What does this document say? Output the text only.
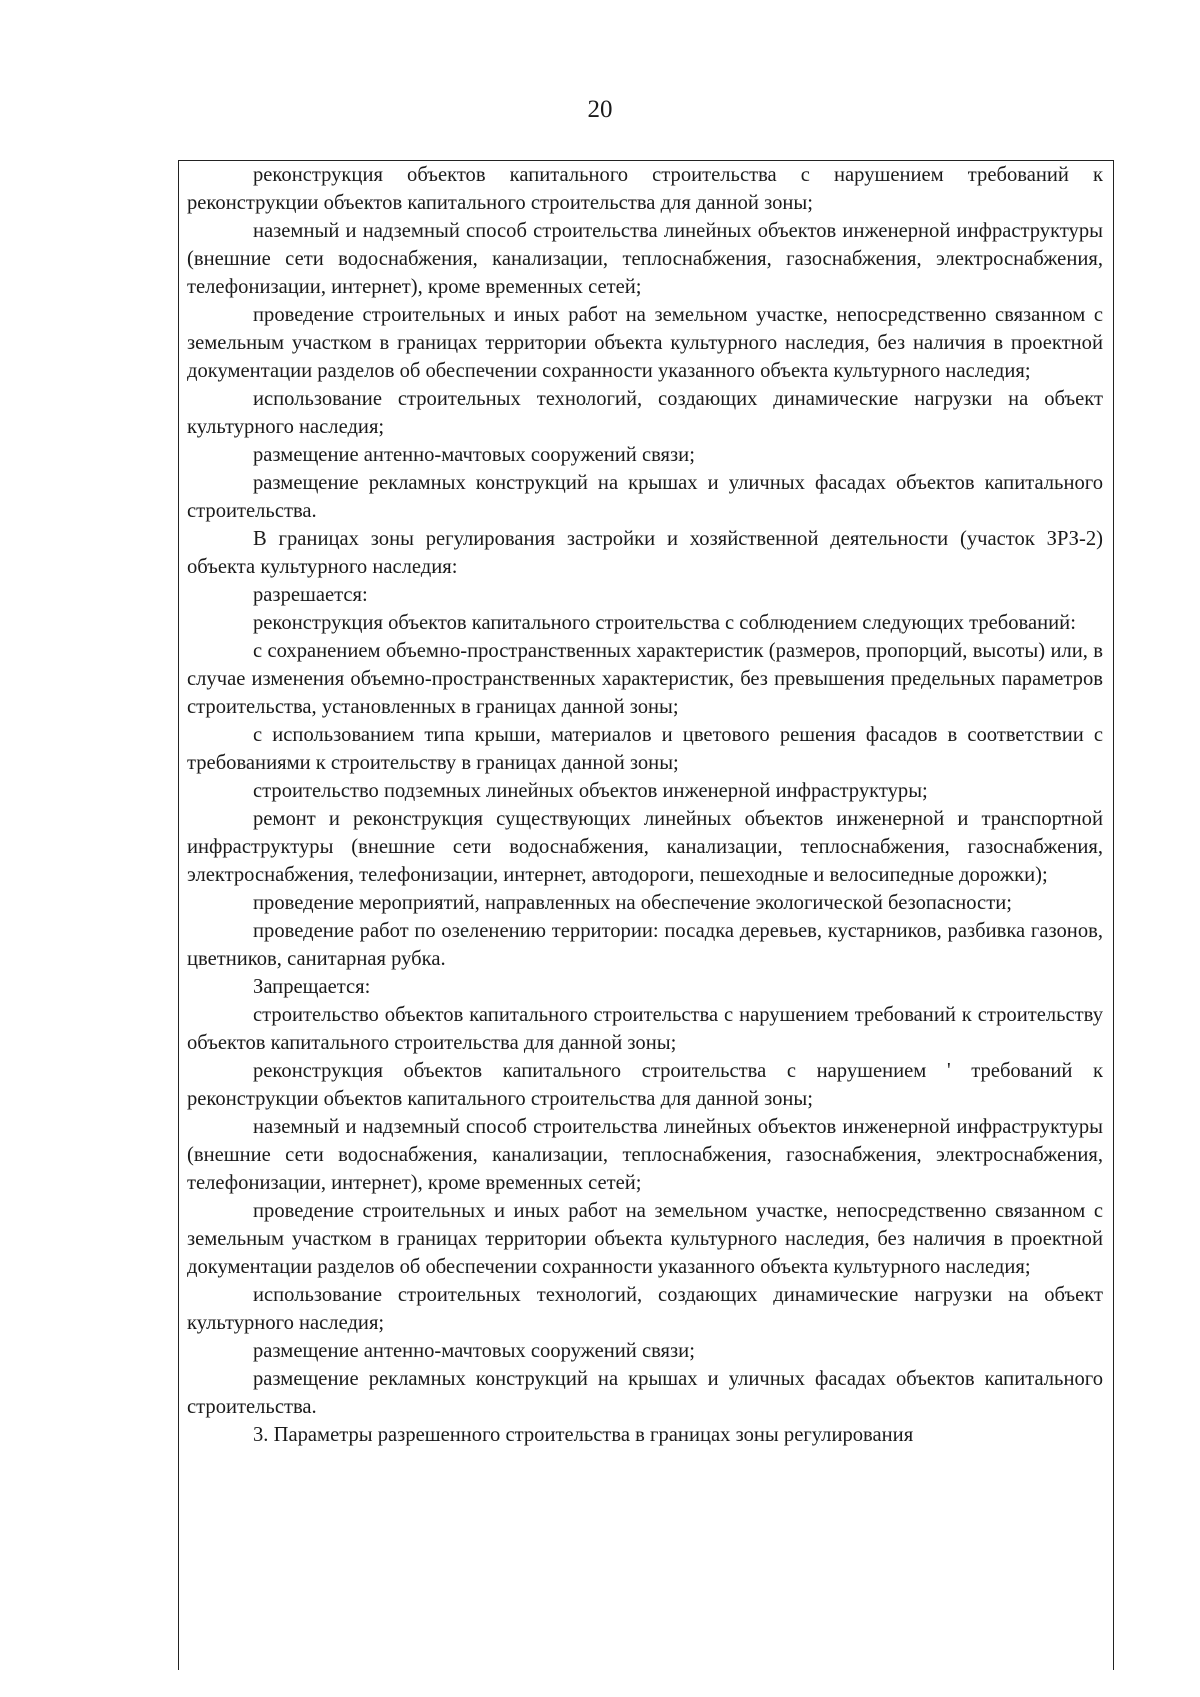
20

реконструкция объектов капитального строительства с нарушением требований к реконструкции объектов капитального строительства для данной зоны;

наземный и надземный способ строительства линейных объектов инженерной инфраструктуры (внешние сети водоснабжения, канализации, теплоснабжения, газоснабжения, электроснабжения, телефонизации, интернет), кроме временных сетей;

проведение строительных и иных работ на земельном участке, непосредственно связанном с земельным участком в границах территории объекта культурного наследия, без наличия в проектной документации разделов об обеспечении сохранности указанного объекта культурного наследия;

использование строительных технологий, создающих динамические нагрузки на объект культурного наследия;

размещение антенно-мачтовых сооружений связи;

размещение рекламных конструкций на крышах и уличных фасадах объектов капитального строительства.

В границах зоны регулирования застройки и хозяйственной деятельности (участок ЗРЗ-2) объекта культурного наследия:

разрешается:

реконструкция объектов капитального строительства с соблюдением следующих требований:

с сохранением объемно-пространственных характеристик (размеров, пропорций, высоты) или, в случае изменения объемно-пространственных характеристик, без превышения предельных параметров строительства, установленных в границах данной зоны;

с использованием типа крыши, материалов и цветового решения фасадов в соответствии с требованиями к строительству в границах данной зоны;

строительство подземных линейных объектов инженерной инфраструктуры;

ремонт и реконструкция существующих линейных объектов инженерной и транспортной инфраструктуры (внешние сети водоснабжения, канализации, теплоснабжения, газоснабжения, электроснабжения, телефонизации, интернет, автодороги, пешеходные и велосипедные дорожки);

проведение мероприятий, направленных на обеспечение экологической безопасности;

проведение работ по озеленению территории: посадка деревьев, кустарников, разбивка газонов, цветников, санитарная рубка.

Запрещается:

строительство объектов капитального строительства с нарушением требований к строительству объектов капитального строительства для данной зоны;

реконструкция объектов капитального строительства с нарушением ' требований к реконструкции объектов капитального строительства для данной зоны;

наземный и надземный способ строительства линейных объектов инженерной инфраструктуры (внешние сети водоснабжения, канализации, теплоснабжения, газоснабжения, электроснабжения, телефонизации, интернет), кроме временных сетей;

проведение строительных и иных работ на земельном участке, непосредственно связанном с земельным участком в границах территории объекта культурного наследия, без наличия в проектной документации разделов об обеспечении сохранности указанного объекта культурного наследия;

использование строительных технологий, создающих динамические нагрузки на объект культурного наследия;

размещение антенно-мачтовых сооружений связи;

размещение рекламных конструкций на крышах и уличных фасадах объектов капитального строительства.

3. Параметры разрешенного строительства в границах зоны регулирования
